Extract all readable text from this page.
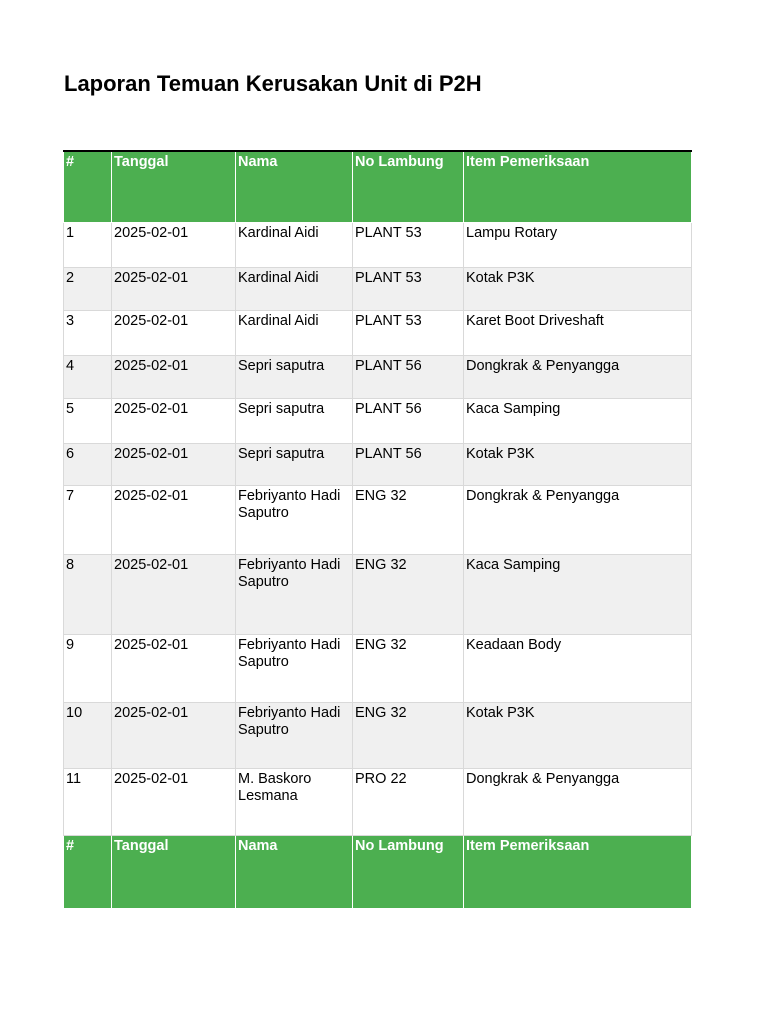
Laporan Temuan Kerusakan Unit di P2H
#	Tanggal	Nama	No Lambung	Item Pemeriksaan
1	2025-02-01	Kardinal Aidi	PLANT 53	Lampu Rotary
2	2025-02-01	Kardinal Aidi	PLANT 53	Kotak P3K
3	2025-02-01	Kardinal Aidi	PLANT 53	Karet Boot Driveshaft
4	2025-02-01	Sepri saputra	PLANT 56	Dongkrak & Penyangga
5	2025-02-01	Sepri saputra	PLANT 56	Kaca Samping
6	2025-02-01	Sepri saputra	PLANT 56	Kotak P3K
7	2025-02-01	Febriyanto Hadi Saputro	ENG 32	Dongkrak & Penyangga
8	2025-02-01	Febriyanto Hadi Saputro	ENG 32	Kaca Samping
9	2025-02-01	Febriyanto Hadi Saputro	ENG 32	Keadaan Body
10	2025-02-01	Febriyanto Hadi Saputro	ENG 32	Kotak P3K
11	2025-02-01	M. Baskoro Lesmana	PRO 22	Dongkrak & Penyangga
#	Tanggal	Nama	No Lambung	Item Pemeriksaan
